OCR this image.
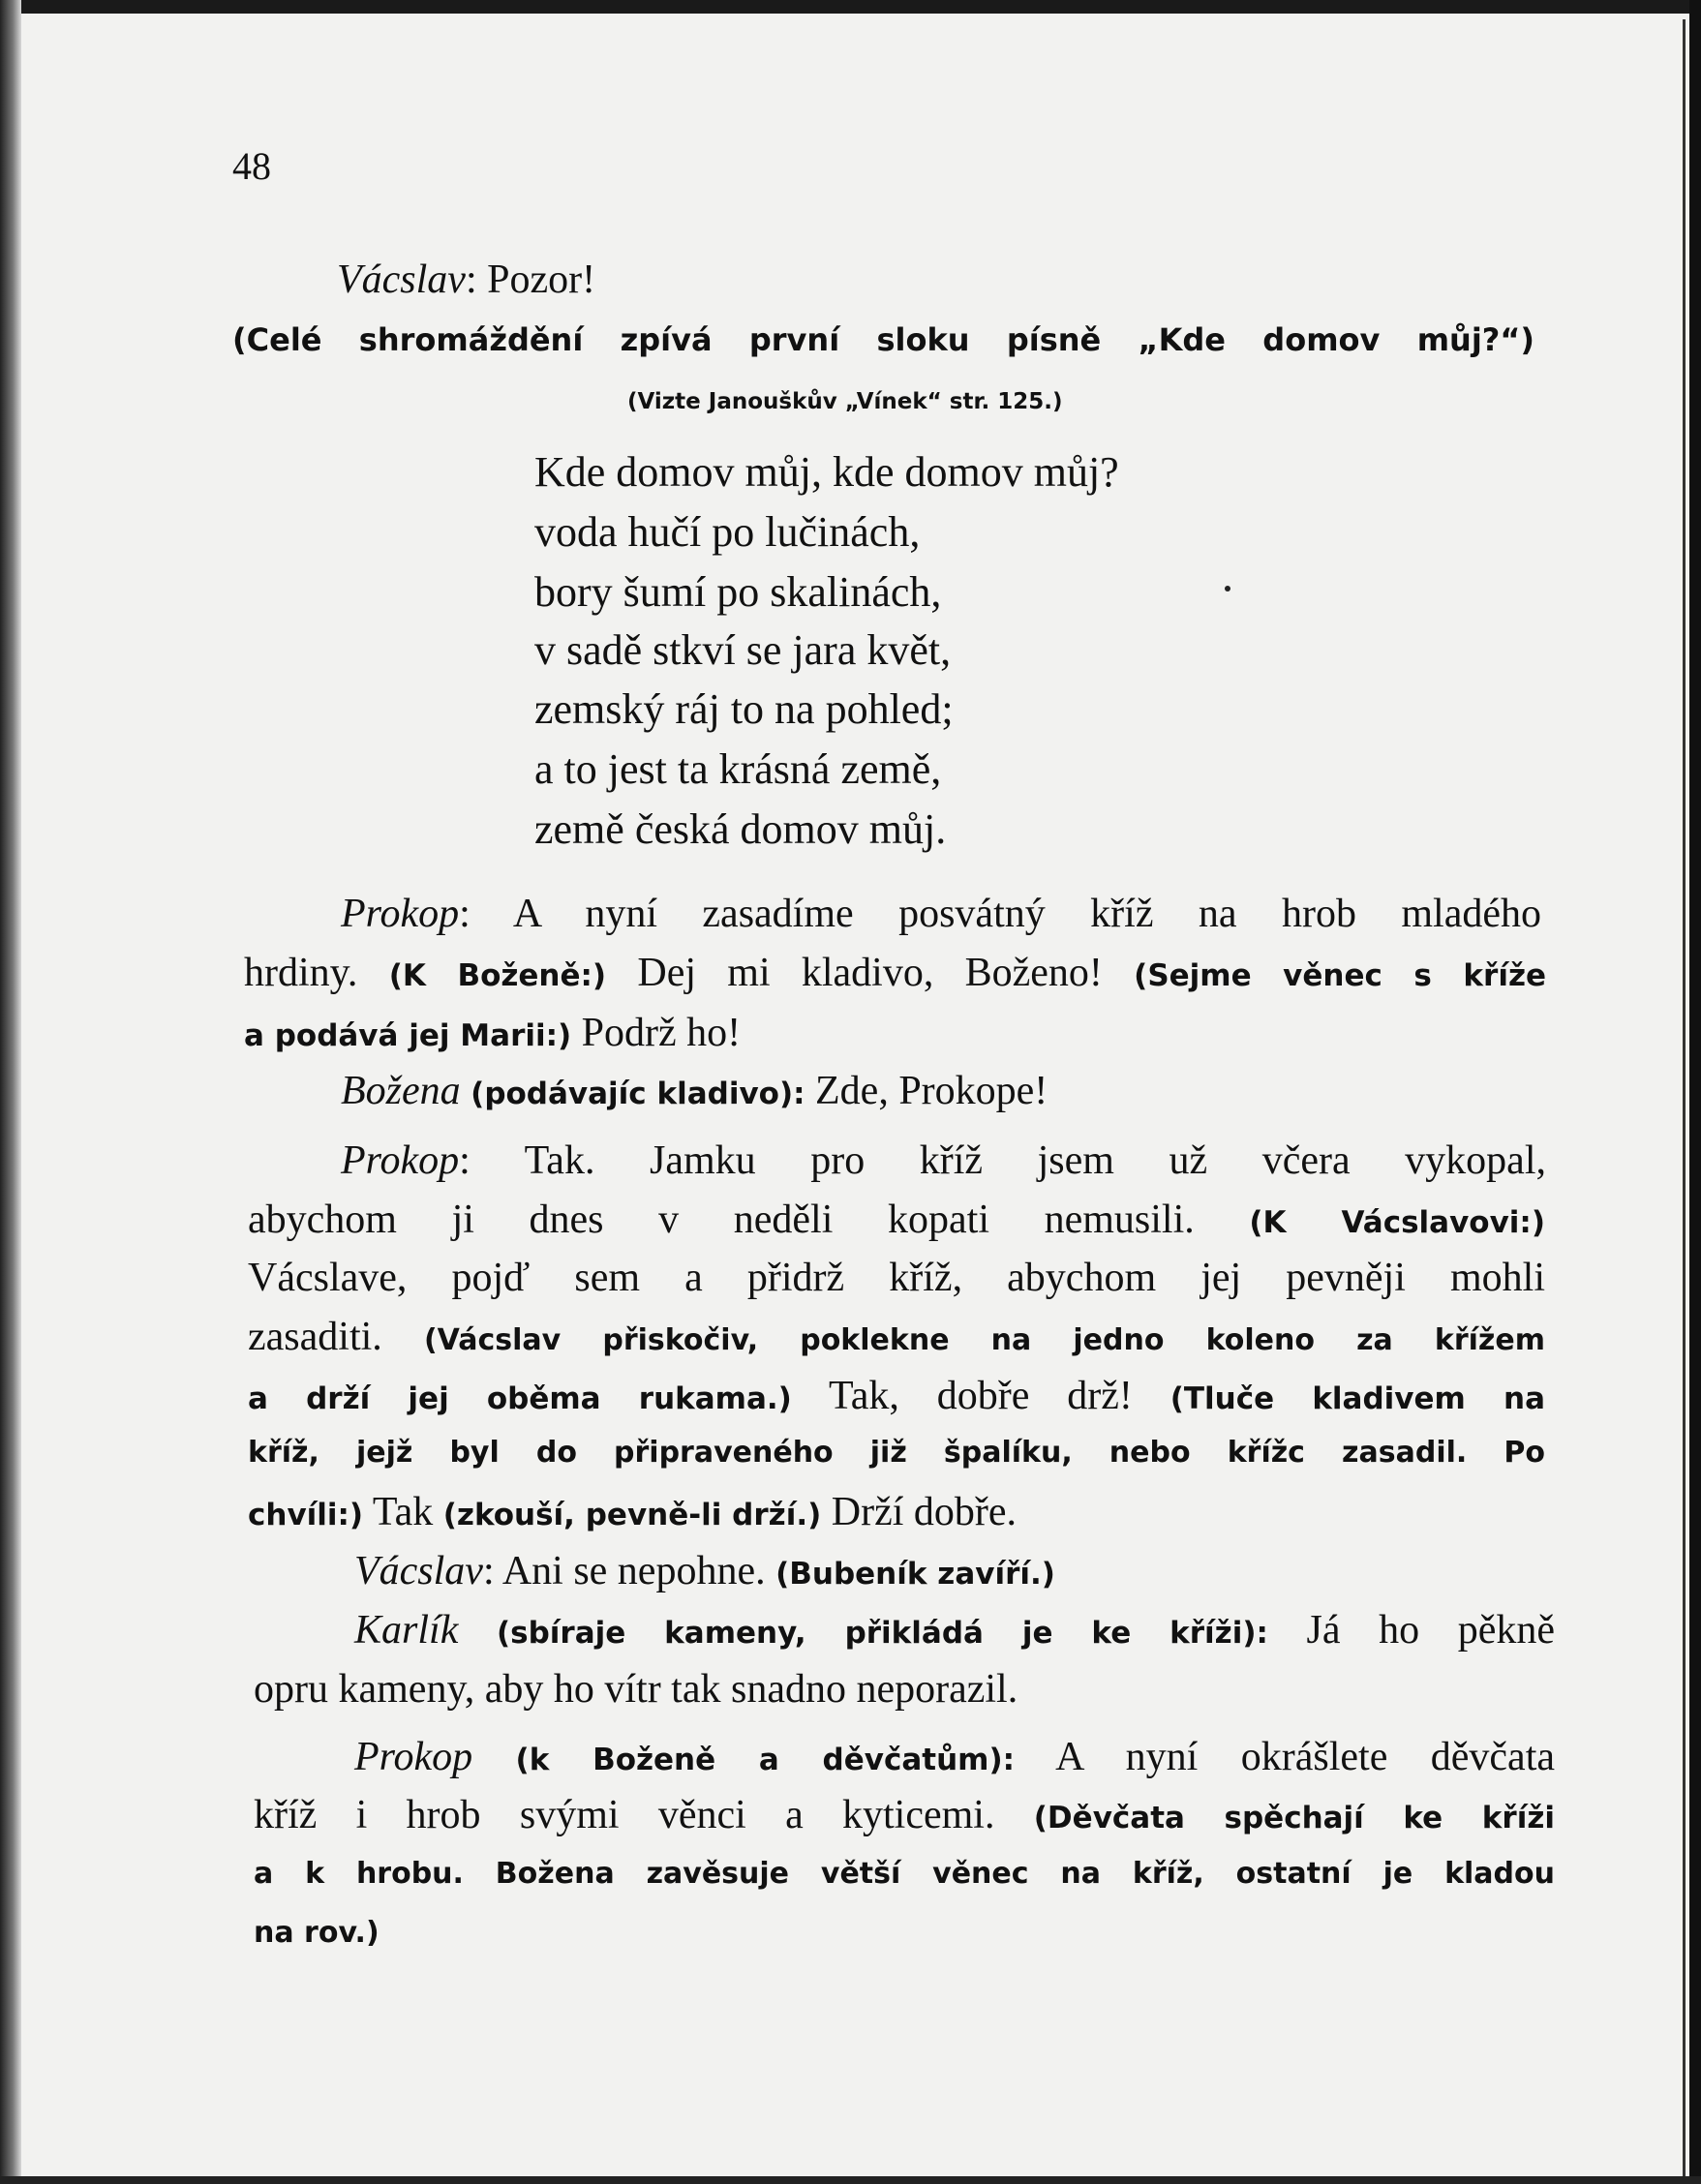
48
Vácslav: Pozor!
(Celé shromáždění zpívá první sloku písně „Kde domov můj?“)
(Vizte Janouškův „Vínek“ str. 125.)
Kde domov můj, kde domov můj?
voda hučí po lučinách,
bory šumí po skalinách,
v sadě stkví se jara květ,
zemský ráj to na pohled;
a to jest ta krásná země,
země česká domov můj.
Prokop: A nyní zasadíme posvátný kříž na hrob mladého
hrdiny. (K Boženě:) Dej mi kladivo, Boženo! (Sejme věnec s kříže
a podává jej Marii:) Podrž ho!
Božena (podávajíc kladivo): Zde, Prokope!
Prokop: Tak. Jamku pro kříž jsem už včera vykopal,
abychom ji dnes v neděli kopati nemusili. (K Vácslavovi:)
Vácslave, pojď sem a přidrž kříž, abychom jej pevněji mohli
zasaditi. (Vácslav přiskočiv, poklekne na jedno koleno za křížem
a drží jej oběma rukama.) Tak, dobře drž! (Tluče kladivem na
kříž, jejž byl do připraveného již špalíku, nebo křížc zasadil. Po
chvíli:) Tak (zkouší, pevně-li drží.) Drží dobře.
Vácslav: Ani se nepohne. (Bubeník zavíří.)
Karlík (sbíraje kameny, přikládá je ke kříži): Já ho pěkně
opru kameny, aby ho vítr tak snadno neporazil.
Prokop (k Boženě a děvčatům): A nyní okrášlete děvčata
kříž i hrob svými věnci a kyticemi. (Děvčata spěchají ke kříži
a k hrobu. Božena zavěsuje větší věnec na kříž, ostatní je kladou
na rov.)
